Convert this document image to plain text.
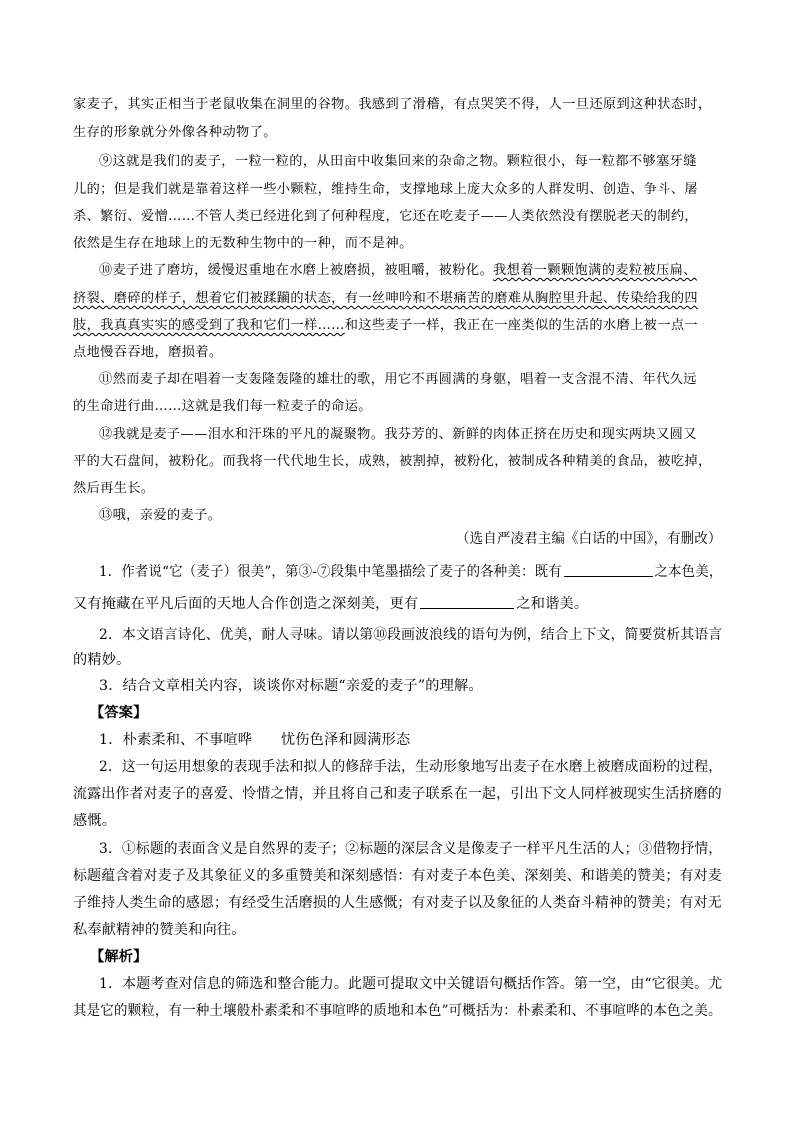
家麦子，其实正相当于老鼠收集在洞里的谷物。我感到了滑稽，有点哭笑不得，人一旦还原到这种状态时，
生存的形象就分外像各种动物了。
⑨这就是我们的麦子，一粒一粒的，从田亩中收集回来的杂命之物。颗粒很小，每一粒都不够塞牙缝
儿的；但是我们就是靠着这样一些小颗粒，维持生命，支撑地球上庞大众多的人群发明、创造、争斗、屠
杀、繁衍、爱憎……不管人类已经进化到了何种程度，它还在吃麦子——人类依然没有摆脱老天的制约，
依然是生存在地球上的无数种生物中的一种，而不是神。
⑩麦子进了磨坊，缓慢迟重地在水磨上被磨损，被咀嚼，被粉化。我想着一颗颗饱满的麦粒被压扁、
挤裂、磨碎的样子，想着它们被蹂躏的状态，有一丝呻吟和不堪痛苦的磨难从胸腔里升起、传染给我的四
肢，我真真实实的感受到了我和它们一样……和这些麦子一样，我正在一座类似的生活的水磨上被一点一
点地慢吞吞地，磨损着。
⑪然而麦子却在唱着一支轰隆轰隆的雄壮的歌，用它不再圆满的身躯，唱着一支含混不清、年代久远
的生命进行曲……这就是我们每一粒麦子的命运。
⑫我就是麦子——泪水和汗珠的平凡的凝聚物。我芬芳的、新鲜的肉体正挤在历史和现实两块又圆又
平的大石盘间，被粉化。而我将一代代地生长，成熟，被割掉，被粉化，被制成各种精美的食品，被吃掉，
然后再生长。
⑬哦，亲爱的麦子。
（选自严凌君主编《白话的中国》，有删改）
1．作者说“它（麦子）很美”，第③-⑦段集中笔墨描绘了麦子的各种美：既有	之本色美，
又有掩藏在平凡后面的天地人合作创造之深刻美，更有	之和谐美。
2．本文语言诗化、优美，耐人寻味。请以第⑩段画波浪线的语句为例，结合上下文，简要赏析其语言
的精妙。
3．结合文章相关内容，谈谈你对标题“亲爱的麦子”的理解。
【答案】
1．朴素柔和、不事喧哗　　忧伤色泽和圆满形态
2．这一句运用想象的表现手法和拟人的修辞手法，生动形象地写出麦子在水磨上被磨成面粉的过程，
流露出作者对麦子的喜爱、怜惜之情，并且将自己和麦子联系在一起，引出下文人同样被现实生活挤磨的
感慨。
3．①标题的表面含义是自然界的麦子；②标题的深层含义是像麦子一样平凡生活的人；③借物抒情，
标题蕴含着对麦子及其象征义的多重赞美和深刻感悟：有对麦子本色美、深刻美、和谐美的赞美；有对麦
子维持人类生命的感恩；有经受生活磨损的人生感慨；有对麦子以及象征的人类奋斗精神的赞美；有对无
私奉献精神的赞美和向往。
【解析】
1．本题考查对信息的筛选和整合能力。此题可提取文中关键语句概括作答。第一空，由“它很美。尤
其是它的颗粒，有一种土壤般朴素柔和不事喧哗的质地和本色”可概括为：朴素柔和、不事喧哗的本色之美。
